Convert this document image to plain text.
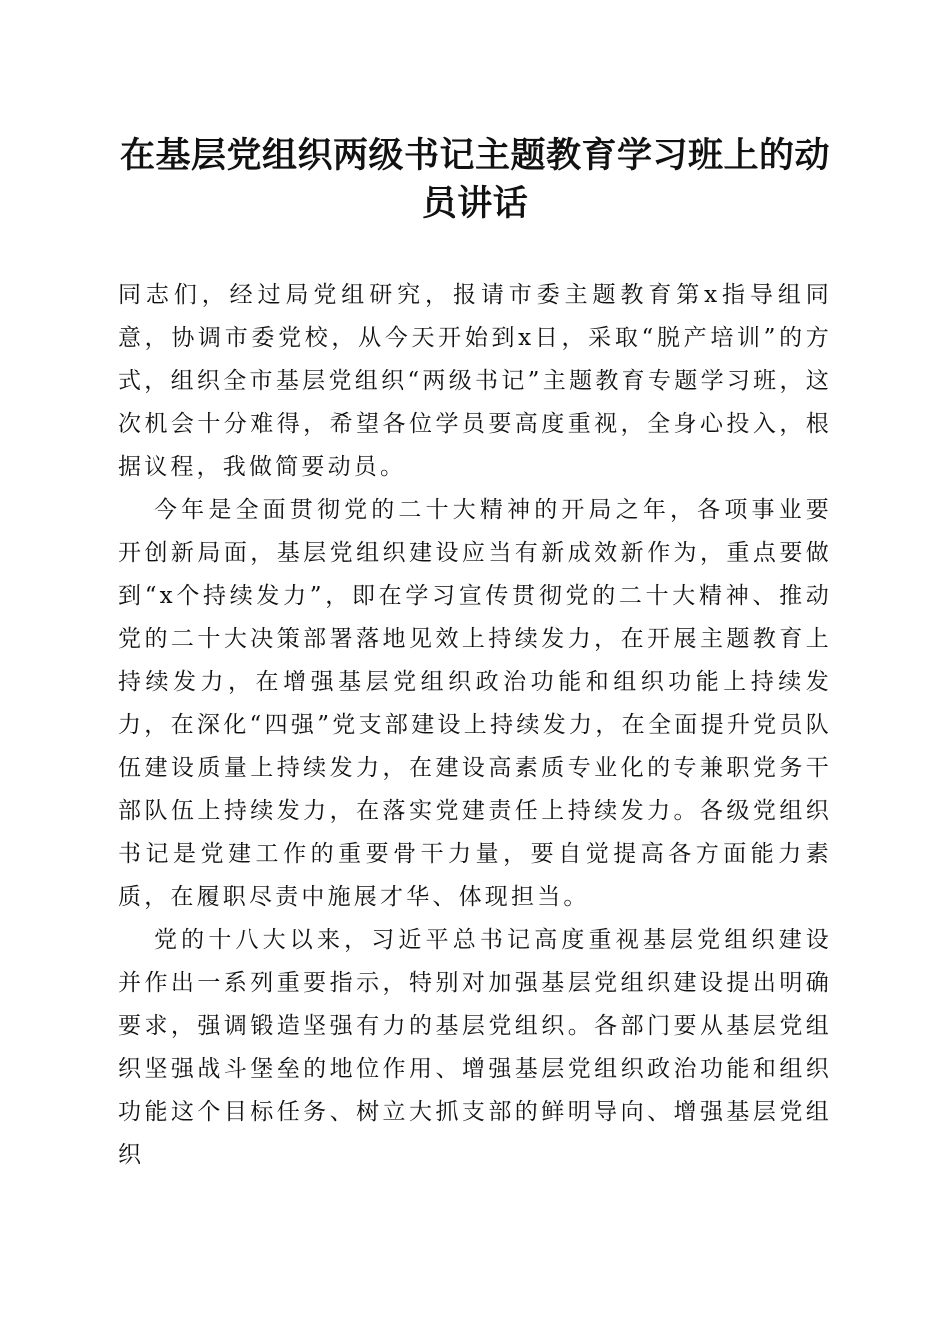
在基层党组织两级书记主题教育学习班上的动员讲话

同志们，经过局党组研究，报请市委主题教育第x指导组同意，协调市委党校，从今天开始到x日，采取“脱产培训”的方式，组织全市基层党组织“两级书记”主题教育专题学习班，这次机会十分难得，希望各位学员要高度重视，全身心投入，根据议程，我做简要动员。

今年是全面贯彻党的二十大精神的开局之年，各项事业要开创新局面，基层党组织建设应当有新成效新作为，重点要做到“x个持续发力”，即在学习宣传贯彻党的二十大精神、推动党的二十大决策部署落地见效上持续发力，在开展主题教育上持续发力，在增强基层党组织政治功能和组织功能上持续发力，在深化“四强”党支部建设上持续发力，在全面提升党员队伍建设质量上持续发力，在建设高素质专业化的专兼职党务干部队伍上持续发力，在落实党建责任上持续发力。各级党组织书记是党建工作的重要骨干力量，要自觉提高各方面能力素质，在履职尽责中施展才华、体现担当。

党的十八大以来，习近平总书记高度重视基层党组织建设并作出一系列重要指示，特别对加强基层党组织建设提出明确要求，强调锻造坚强有力的基层党组织。各部门要从基层党组织坚强战斗堡垒的地位作用、增强基层党组织政治功能和组织功能这个目标任务、树立大抓支部的鲜明导向、增强基层党组织
